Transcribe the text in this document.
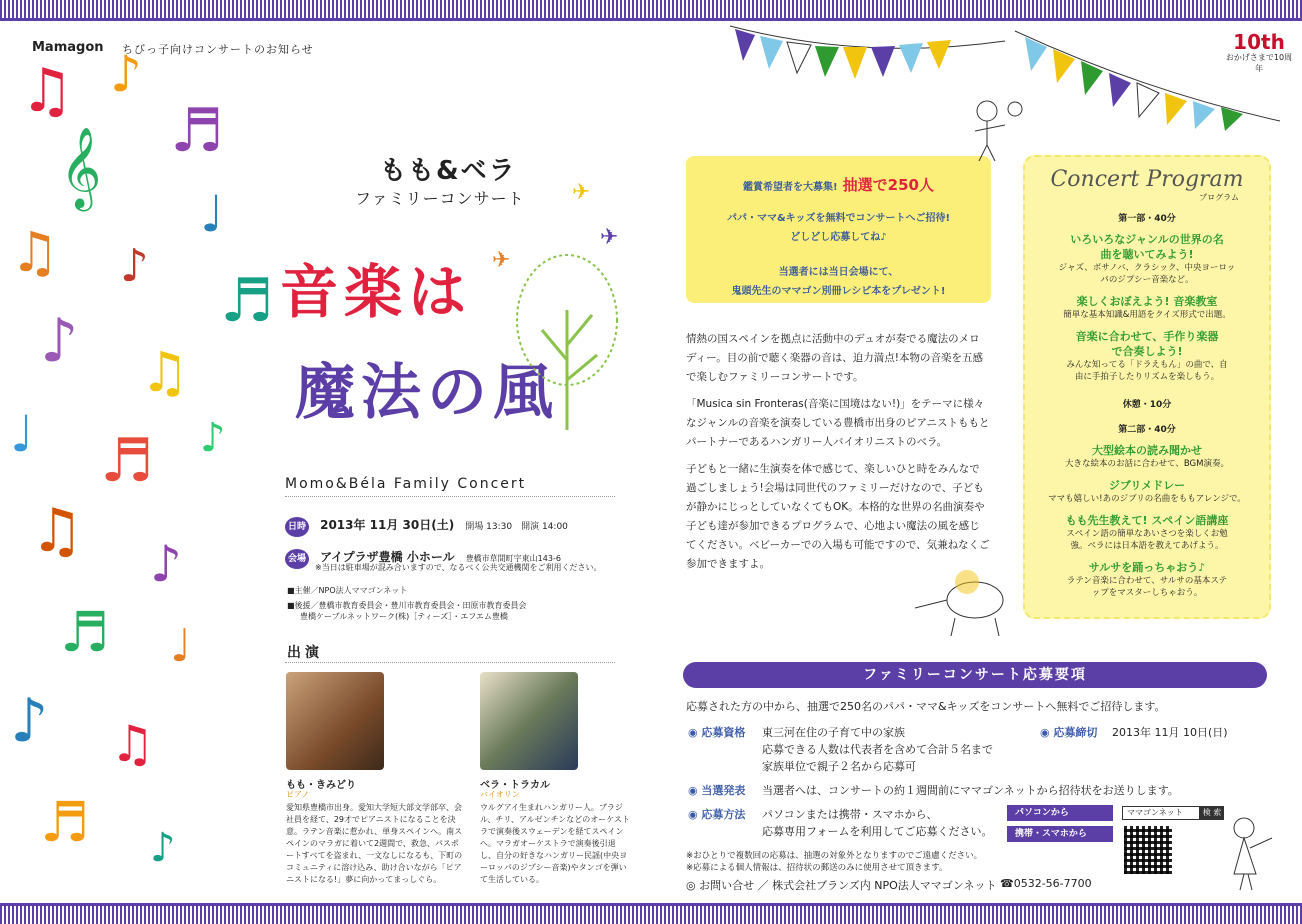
♫ ♪
♬
𝄞
♩
♫ ♪
♬
♪ ♫
♩ ♬ ♪
♫ ♪
♬ ♩
♪ ♫
♬ ♪
Mamagon ちびっ子向けコンサートのお知らせ	10th
おかげさまで10周年
✈
✈
✈
もも&ベラ
ファミリーコンサート
音楽は
魔法の風
Momo&Béla Family Concert
日時 2013年 11月 30日(土) 開場 13:30　開演 14:00
会場 アイプラザ豊橋 小ホール 豊橋市草間町字東山143-6
※当日は駐車場が混み合いますので、なるべく公共交通機関をご利用ください。
■主催／NPO法人ママゴンネット
■後援／豊橋市教育委員会・豊川市教育委員会・田原市教育委員会
豊橋ケーブルネットワーク(株)［ティーズ］・エフエム豊橋
出演
もも・きみどり
ピアノ
愛知県豊橋市出身。愛知大学短大部文学部卒、会社員を経て、29才でピアニストになることを決意。ラテン音楽に惹かれ、単身スペインへ。南スペインのマラガに着いて2週間で、救急、パスポートすべてを盗まれ、一文なしになるも、下町のコミュニティに溶け込み、助け合いながら「ピアニストになる!」夢に向かってまっしぐら。
ベラ・トラカル
バイオリン
ウルグアイ生まれハンガリー人。ブラジル、チリ、アルゼンチンなどのオーケストラで演奏後スウェーデンを経てスペインへ。マラガオーケストラで演奏後引退し、自分の好きなハンガリー民謡(中央ヨーロッパのジプシー音楽)やタンゴを弾いて生活している。
鑑賞希望者を大募集! 抽選で250人
パパ・ママ&キッズを無料でコンサートへご招待!
どしどし応募してね♪
当選者には当日会場にて、
鬼頭先生のママゴン別冊レシピ本をプレゼント!

情熱の国スペインを拠点に活動中のデュオが奏でる魔法のメロディー。目の前で聴く楽器の音は、迫力満点!本物の音楽を五感で楽しむファミリーコンサートです。

「Musica sin Fronteras(音楽に国境はない!)」をテーマに様々なジャンルの音楽を演奏している豊橋市出身のピアニストももとパートナーであるハンガリー人バイオリニストのベラ。

子どもと一緒に生演奏を体で感じて、楽しいひと時をみんなで過ごしましょう!会場は同世代のファミリーだけなので、子どもが静かにじっとしていなくてもOK。本格的な世界の名曲演奏や子ども達が参加できるプログラムで、心地よい魔法の風を感じてください。ベビーカーでの入場も可能ですので、気兼ねなくご参加できますよ。

Concert Program
プログラム
第一部・40分
いろいろなジャンルの世界の名曲を聴いてみよう!
ジャズ、ボサノバ、クラシック、中央ヨーロッパのジプシー音楽など。
楽しくおぼえよう! 音楽教室
簡単な基本知識&用語をクイズ形式で出題。
音楽に合わせて、手作り楽器で合奏しよう!
みんな知ってる「ドラえもん」の曲で、自由に手拍子したりリズムを楽しもう。
休憩・10分
第二部・40分
大型絵本の読み聞かせ
大きな絵本のお話に合わせて、BGM演奏。
ジブリメドレー
ママも嬉しい!あのジブリの名曲をももアレンジで。
もも先生教えて! スペイン語講座
スペイン語の簡単なあいさつを楽しくお勉強。ベラには日本語を教えてあげよう。
サルサを踊っちゃおう♪
ラテン音楽に合わせて、サルサの基本ステップをマスターしちゃおう。
ファミリーコンサート応募要項
応募された方の中から、抽選で250名のパパ・ママ&キッズをコンサートへ無料でご招待します。
◉ 応募資格 東三河在住の子育て中の家族
応募できる人数は代表者を含めて合計５名まで
家族単位で親子２名から応募可
◉ 応募締切 2013年 11月 10日(日)
◉ 当選発表 当選者へは、コンサートの約１週間前にママゴンネットから招待状をお送りします。
◉ 応募方法 パソコンまたは携帯・スマホから、
応募専用フォームを利用してご応募ください。
パソコンから
携帯・スマホから
ママゴンネット	検 索
※おひとりで複数回の応募は、抽選の対象外となりますのでご遠慮ください。
※応募による個人情報は、招待状の郵送のみに使用させて頂きます。
◎ お問い合せ ／ 株式会社ブランズ内 NPO法人ママゴンネット ☎0532-56-7700
